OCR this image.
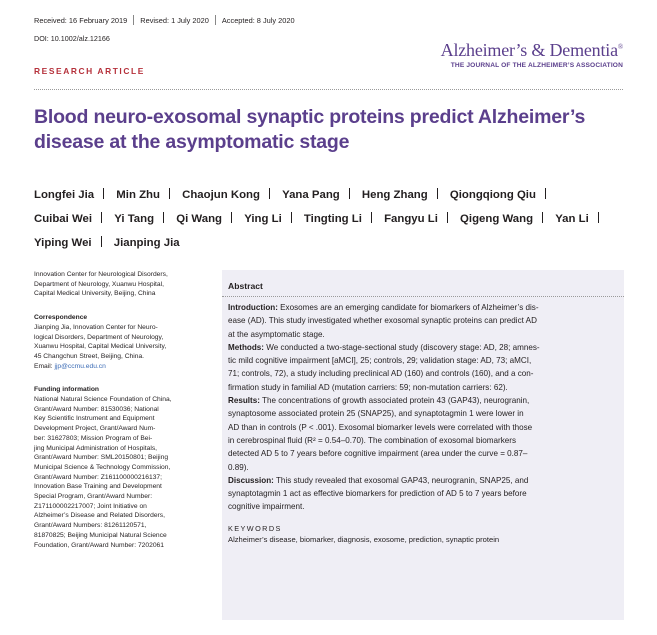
Received: 16 February 2019 Revised: 1 July 2020 Accepted: 8 July 2020
DOI: 10.1002/alz.12166
Alzheimer’s & Dementia®
THE JOURNAL OF THE ALZHEIMER’S ASSOCIATION
RESEARCH ARTICLE
Blood neuro-exosomal synaptic proteins predict Alzheimer’s disease at the asymptomatic stage
Longfei Jia Min Zhu Chaojun Kong Yana Pang Heng Zhang Qiongqiong Qiu Cuibai Wei Yi Tang Qi Wang Ying Li Tingting Li Fangyu Li Qigeng Wang Yan Li Yiping Wei Jianping Jia
Innovation Center for Neurological Disorders,
Department of Neurology, Xuanwu Hospital,
Capital Medical University, Beijing, China
Correspondence
Jianping Jia, Innovation Center for Neuro-
logical Disorders, Department of Neurology,
Xuanwu Hospital, Capital Medical University,
45 Changchun Street, Beijing, China.
Email: jjp@ccmu.edu.cn
Funding information
National Natural Science Foundation of China,
Grant/Award Number: 81530036; National
Key Scientific Instrument and Equipment
Development Project, Grant/Award Num-
ber: 31627803; Mission Program of Bei-
jing Municipal Administration of Hospitals,
Grant/Award Number: SML20150801; Beijing
Municipal Science & Technology Commission,
Grant/Award Number: Z161100000216137;
Innovation Base Training and Development
Special Program, Grant/Award Number:
Z171100002217007; Joint Initiative on
Alzheimer’s Disease and Related Disorders,
Grant/Award Numbers: 81261120571,
81870825; Beijing Municipal Natural Science
Foundation, Grant/Award Number: 7202061
Abstract
Introduction: Exosomes are an emerging candidate for biomarkers of Alzheimer’s dis-
ease (AD). This study investigated whether exosomal synaptic proteins can predict AD
at the asymptomatic stage.
Methods: We conducted a two-stage-sectional study (discovery stage: AD, 28; amnes-
tic mild cognitive impairment [aMCI], 25; controls, 29; validation stage: AD, 73; aMCI,
71; controls, 72), a study including preclinical AD (160) and controls (160), and a con-
firmation study in familial AD (mutation carriers: 59; non-mutation carriers: 62).
Results: The concentrations of growth associated protein 43 (GAP43), neurogranin,
synaptosome associated protein 25 (SNAP25), and synaptotagmin 1 were lower in
AD than in controls (P < .001). Exosomal biomarker levels were correlated with those
in cerebrospinal fluid (R² = 0.54–0.70). The combination of exosomal biomarkers
detected AD 5 to 7 years before cognitive impairment (area under the curve = 0.87–
0.89).
Discussion: This study revealed that exosomal GAP43, neurogranin, SNAP25, and
synaptotagmin 1 act as effective biomarkers for prediction of AD 5 to 7 years before
cognitive impairment.
KEYWORDS
Alzheimer’s disease, biomarker, diagnosis, exosome, prediction, synaptic protein
